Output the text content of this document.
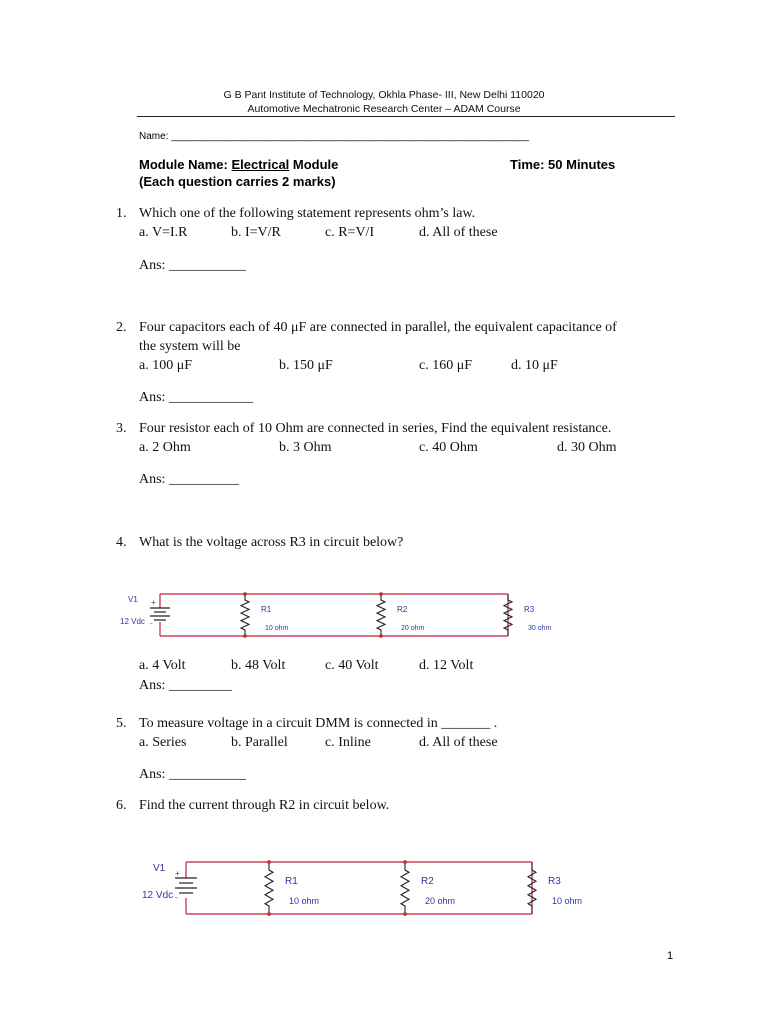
G B Pant Institute of Technology, Okhla Phase- III, New Delhi 110020
Automotive Mechatronic Research Center – ADAM Course
Name: ________________________________________________________________________
Module Name: Electrical Module	Time: 50 Minutes
(Each question carries 2 marks)
1. Which one of the following statement represents ohm’s law.
a. V=I.R	b. I=V/R	c. R=V/I	d. All of these
Ans: ___________
2. Four capacitors each of 40 μF are connected in parallel, the equivalent capacitance of
the system will be
a. 100 μF	b. 150 μF	c. 160 μF	d. 10 μF
Ans: ____________
3. Four resistor each of 10 Ohm are connected in series, Find the equivalent resistance.
a. 2 Ohm	b. 3 Ohm	c. 40 Ohm	d. 30 Ohm
Ans: __________
4. What is the voltage across R3 in circuit below?
V1 +
12 Vdc -
R1
10 ohm
R2
20 ohm
R3
30 ohm
a. 4 Volt	b. 48 Volt	c. 40 Volt	d. 12 Volt
Ans: _________
5. To measure voltage in a circuit DMM is connected in _______ .
a. Series	b. Parallel	c. Inline	d. All of these
Ans: ___________
6. Find the current through R2 in circuit below.
V1 +
12 Vdc -
R1
10 ohm
R2
20 ohm
R3
10 ohm
1
